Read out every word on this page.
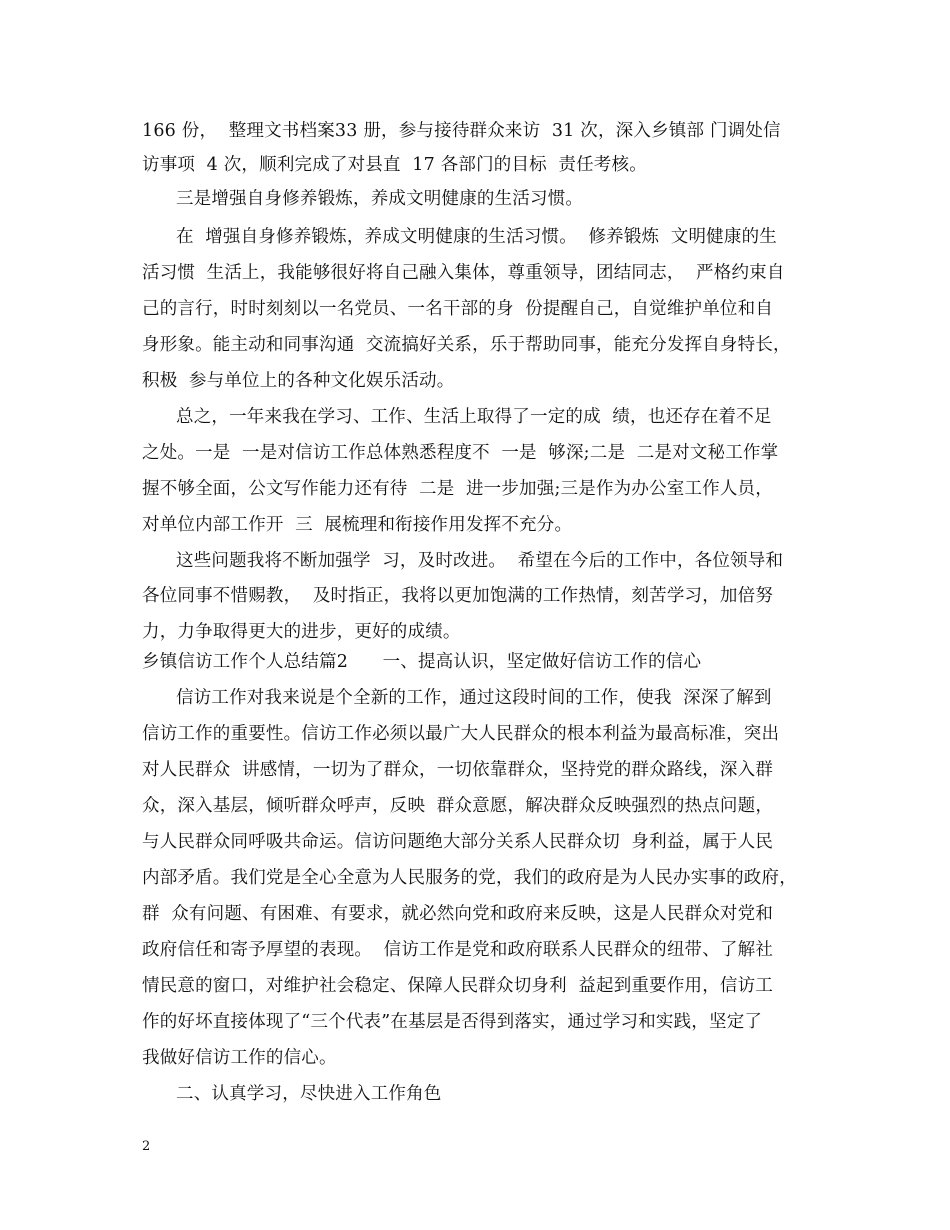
166 份，  整理文书档案33 册，参与接待群众来访  31 次，深入乡镇部 门调处信
访事项  4 次，顺利完成了对县直  17 各部门的目标  责任考核。
三是增强自身修养锻炼，养成文明健康的生活习惯。
在  增强自身修养锻炼，养成文明健康的生活习惯。  修养锻炼  文明健康的生
活习惯  生活上，我能够很好将自己融入集体，尊重领导，团结同志，  严格约束自
己的言行，时时刻刻以一名党员、一名干部的身  份提醒自己，自觉维护单位和自
身形象。能主动和同事沟通  交流搞好关系，乐于帮助同事，能充分发挥自身特长，
积极  参与单位上的各种文化娱乐活动。
总之，一年来我在学习、工作、生活上取得了一定的成  绩，也还存在着不足
之处。一是  一是对信访工作总体熟悉程度不  一是  够深;二是  二是对文秘工作掌
握不够全面，公文写作能力还有待  二是  进一步加强;三是作为办公室工作人员，
对单位内部工作开  三  展梳理和衔接作用发挥不充分。
这些问题我将不断加强学  习，及时改进。  希望在今后的工作中，各位领导和
各位同事不惜赐教，  及时指正，我将以更加饱满的工作热情，刻苦学习，加倍努
力，力争取得更大的进步，更好的成绩。
乡镇信访工作个人总结篇2      一、提高认识，坚定做好信访工作的信心
信访工作对我来说是个全新的工作，通过这段时间的工作，使我  深深了解到
信访工作的重要性。信访工作必须以最广大人民群众的根本利益为最高标准，突出
对人民群众  讲感情，一切为了群众，一切依靠群众，坚持党的群众路线，深入群
众，深入基层，倾听群众呼声，反映  群众意愿，解决群众反映强烈的热点问题，
与人民群众同呼吸共命运。信访问题绝大部分关系人民群众切  身利益，属于人民
内部矛盾。我们党是全心全意为人民服务的党，我们的政府是为人民办实事的政府，
群  众有问题、有困难、有要求，就必然向党和政府来反映，这是人民群众对党和
政府信任和寄予厚望的表现。  信访工作是党和政府联系人民群众的纽带、了解社
情民意的窗口，对维护社会稳定、保障人民群众切身利  益起到重要作用，信访工
作的好坏直接体现了“三个代表”在基层是否得到落实，通过学习和实践，坚定了
我做好信访工作的信心。
二、认真学习，尽快进入工作角色
2
